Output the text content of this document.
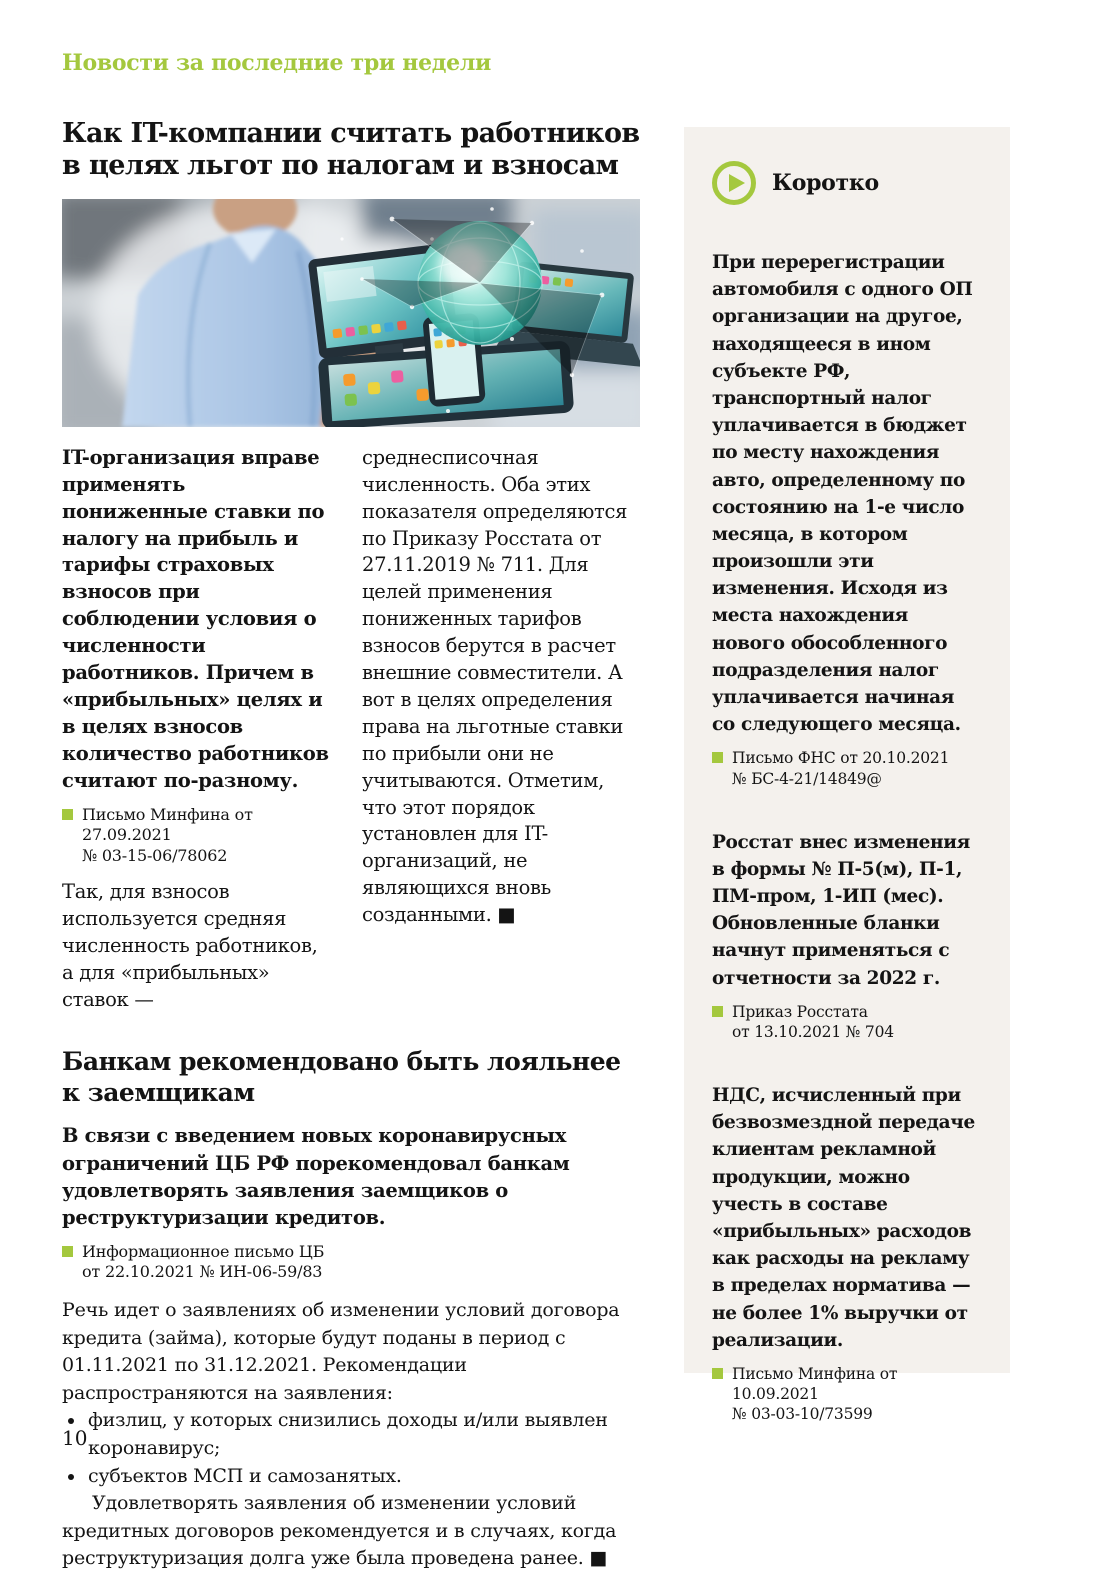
Новости за последние три недели
Как IT-компании считать работников в целях льгот по налогам и взносам

IT-организация вправе применять пониженные ставки по налогу на прибыль и тарифы страховых взносов при соблюдении условия о численности работников. Причем в «прибыльных» целях и в целях взносов количество работников считают по-разному.

Письмо Минфина от 27.09.2021
№ 03-15-06/78062

Так, для взносов используется средняя численность работников, а для «прибыльных» ставок —

среднесписочная численность. Оба этих показателя определяются по Приказу Росстата от 27.11.2019 № 711. Для целей применения пониженных тарифов взносов берутся в расчет внешние совместители. А вот в целях определения права на льготные ставки по прибыли они не учитываются. Отметим, что этот порядок установлен для IT-организаций, не являющихся вновь созданными. ■

Банкам рекомендовано быть лояльнее к заемщикам

В связи с введением новых коронавирусных ограничений ЦБ РФ порекомендовал банкам удовлетворять заявления заемщиков о реструктуризации кредитов.

Информационное письмо ЦБ
от 22.10.2021 № ИН-06-59/83

Речь идет о заявлениях об изменении условий договора кредита (займа), которые будут поданы в период с 01.11.2021 по 31.12.2021. Рекомендации распространяются на заявления:

• физлиц, у которых снизились доходы и/или выявлен коронавирус;
• субъектов МСП и самозанятых.

Удовлетворять заявления об изменении условий кредитных договоров рекомендуется и в случаях, когда реструктуризация долга уже была проведена ранее. ■

Коротко

При перерегистрации автомобиля с одного ОП организации на другое, находящееся в ином субъекте РФ, транспортный налог уплачивается в бюджет по месту нахождения авто, определенному по состоянию на 1-е число месяца, в котором произошли эти изменения. Исходя из места нахождения нового обособленного подразделения налог уплачивается начиная со следующего месяца.

Письмо ФНС от 20.10.2021
№ БС-4-21/14849@

Росстат внес изменения в формы № П-5(м), П-1, ПМ-пром, 1-ИП (мес). Обновленные бланки начнут применяться с отчетности за 2022 г.

Приказ Росстата
от 13.10.2021 № 704

НДС, исчисленный при безвозмездной передаче клиентам рекламной продукции, можно учесть в составе «прибыльных» расходов как расходы на рекламу в пределах норматива — не более 1% выручки от реализации.

Письмо Минфина от 10.09.2021
№ 03-03-10/73599
10
